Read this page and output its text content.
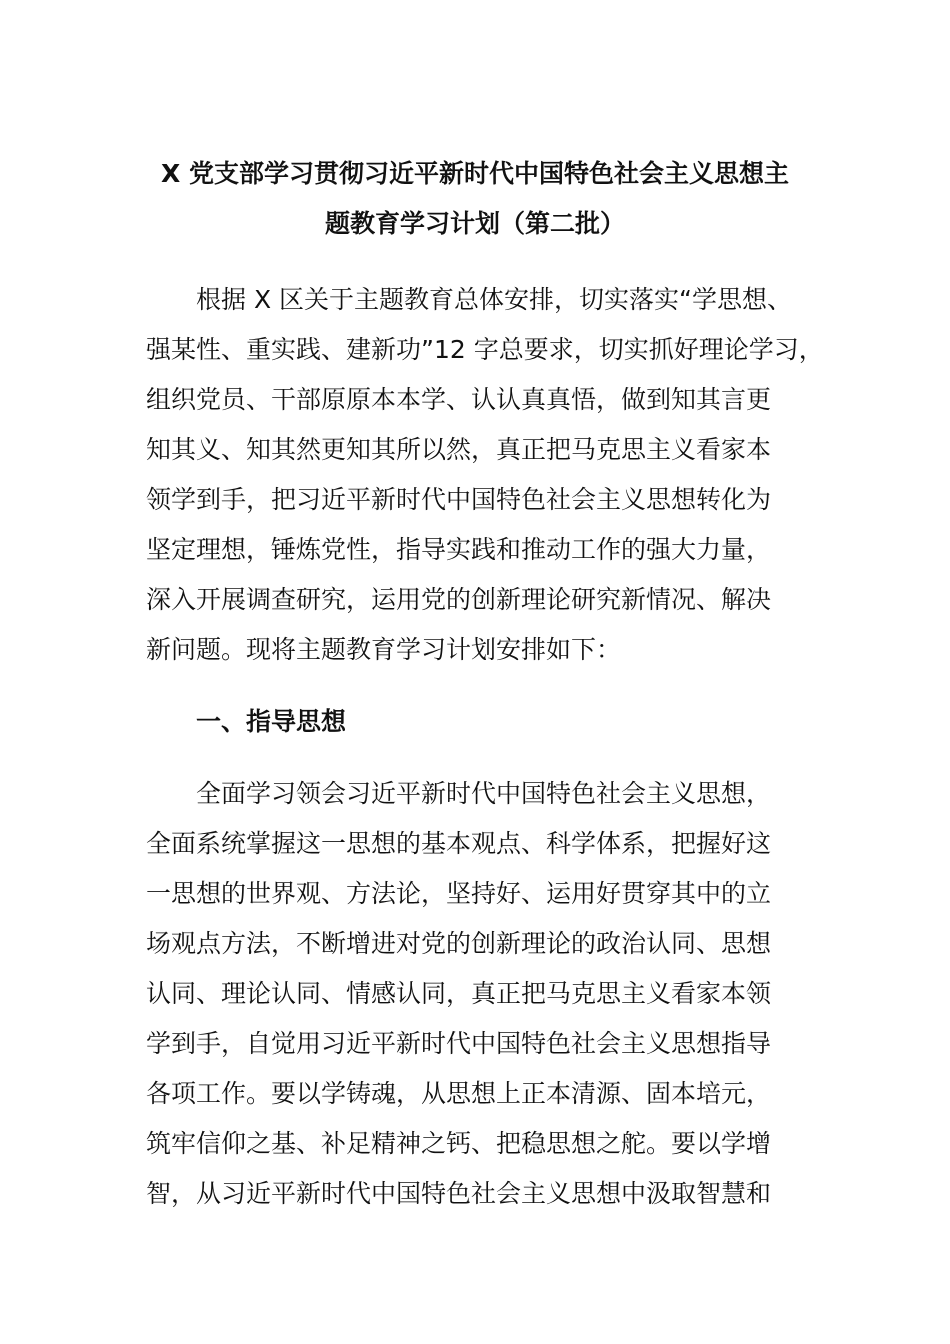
X 党支部学习贯彻习近平新时代中国特色社会主义思想主
题教育学习计划（第二批）
根据 X 区关于主题教育总体安排，切实落实“学思想、
强某性、重实践、建新功”12 字总要求，切实抓好理论学习，
组织党员、干部原原本本学、认认真真悟，做到知其言更
知其义、知其然更知其所以然，真正把马克思主义看家本
领学到手，把习近平新时代中国特色社会主义思想转化为
坚定理想，锤炼党性，指导实践和推动工作的强大力量，
深入开展调查研究，运用党的创新理论研究新情况、解决
新问题。现将主题教育学习计划安排如下：
一、指导思想
全面学习领会习近平新时代中国特色社会主义思想，
全面系统掌握这一思想的基本观点、科学体系，把握好这
一思想的世界观、方法论，坚持好、运用好贯穿其中的立
场观点方法，不断增进对党的创新理论的政治认同、思想
认同、理论认同、情感认同，真正把马克思主义看家本领
学到手，自觉用习近平新时代中国特色社会主义思想指导
各项工作。要以学铸魂，从思想上正本清源、固本培元，
筑牢信仰之基、补足精神之钙、把稳思想之舵。要以学增
智，从习近平新时代中国特色社会主义思想中汲取智慧和
